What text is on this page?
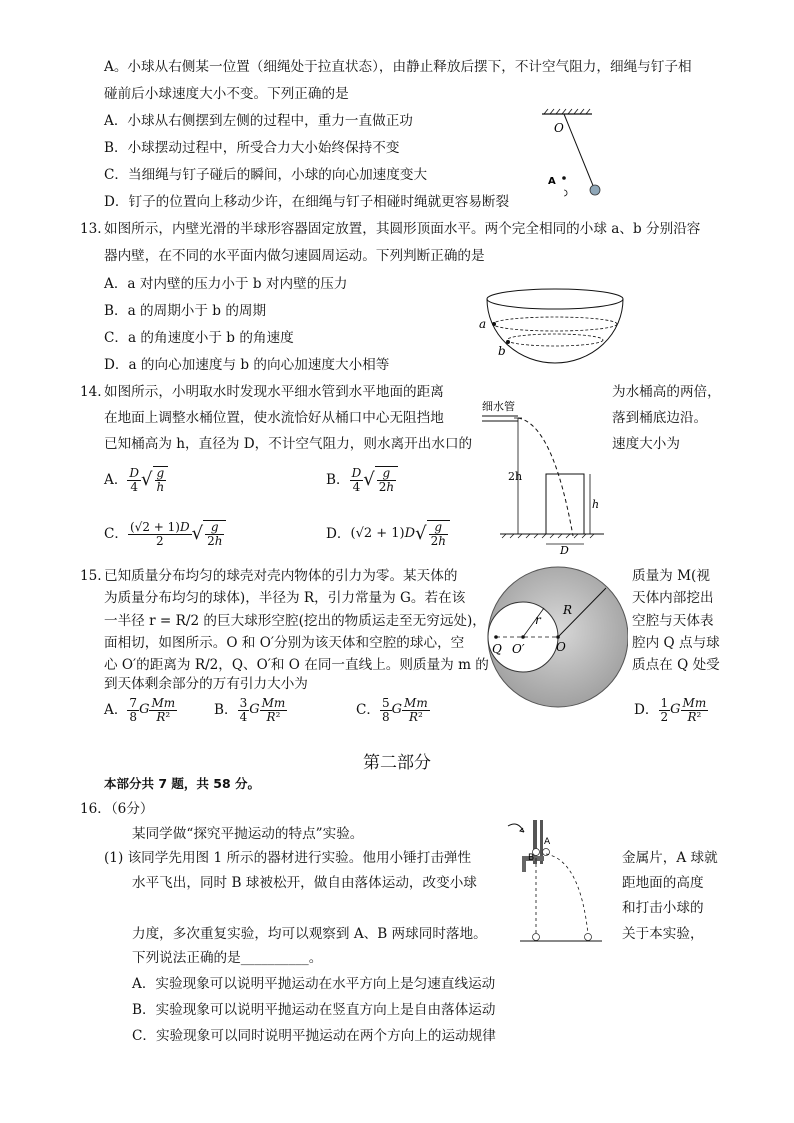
A。小球从右侧某一位置（细绳处于拉直状态），由静止释放后摆下，不计空气阻力，细绳与钉子相
碰前后小球速度大小不变。下列正确的是
A．小球从右侧摆到左侧的过程中，重力一直做正功
B．小球摆动过程中，所受合力大小始终保持不变
C．当细绳与钉子碰后的瞬间，小球的向心加速度变大
D．钉子的位置向上移动少许，在细绳与钉子相碰时绳就更容易断裂
O
A
13. 如图所示，内壁光滑的半球形容器固定放置，其圆形顶面水平。两个完全相同的小球 a、b 分别沿容
器内壁，在不同的水平面内做匀速圆周运动。下列判断正确的是
A．a 对内壁的压力小于 b 对内壁的压力
B．a 的周期小于 b 的周期
C．a 的角速度小于 b 的角速度
D．a 的向心加速度与 b 的向心加速度大小相等
a
b
14. 如图所示，小明取水时发现水平细水管到水平地面的距离	为水桶高的两倍，
在地面上调整水桶位置，使水流恰好从桶口中心无阻挡地	落到桶底边沿。
已知桶高为 h，直径为 D，不计空气阻力，则水离开出水口的	速度大小为
A． $\frac{D}{4}$ √ $\frac{g}{h}$	B． $\frac{D}{4}$ √ $\frac{g}{2h}$
C． $\frac{(√2 + 1)D}{2}$ √ $\frac{g}{2h}$	D． (√2 + 1)D √ $\frac{g}{2h}$
细水管
2h
h
D
15. 已知质量分布均匀的球壳对壳内物体的引力为零。某天体的	质量为 M(视
为质量分布均匀的球体)，半径为 R，引力常量为 G。若在该	天体内部挖出
一半径 r = R/2 的巨大球形空腔(挖出的物质运走至无穷远处)，	空腔与天体表
面相切，如图所示。O 和 O′分别为该天体和空腔的球心，空	腔内 Q 点与球
心 O′的距离为 R/2，Q、O′和 O 在同一直线上。则质量为 m 的	质点在 Q 处受
到天体剩余部分的万有引力大小为
A． $\frac{7}{8}$ G $\frac{Mm}{\text{R²}}$	B． $\frac{3}{4}$ G $\frac{Mm}{\text{R²}}$	C． $\frac{5}{8}$ G $\frac{Mm}{\text{R²}}$	D． $\frac{1}{2}$ G $\frac{Mm}{\text{R²}}$
R
r
Q O′	O
第二部分
本部分共 7 题，共 58 分。
16．（6分）
某同学做“探究平抛运动的特点”实验。
(1) 该同学先用图 1 所示的器材进行实验。他用小锤打击弹性	金属片，A 球就
水平飞出，同时 B 球被松开，做自由落体运动，改变小球	距地面的高度
和打击小球的
力度，多次重复实验，均可以观察到 A、B 两球同时落地。	关于本实验，
下列说法正确的是__________。
A．实验现象可以说明平抛运动在水平方向上是匀速直线运动
B．实验现象可以说明平抛运动在竖直方向上是自由落体运动
C．实验现象可以同时说明平抛运动在两个方向上的运动规律
B
A
